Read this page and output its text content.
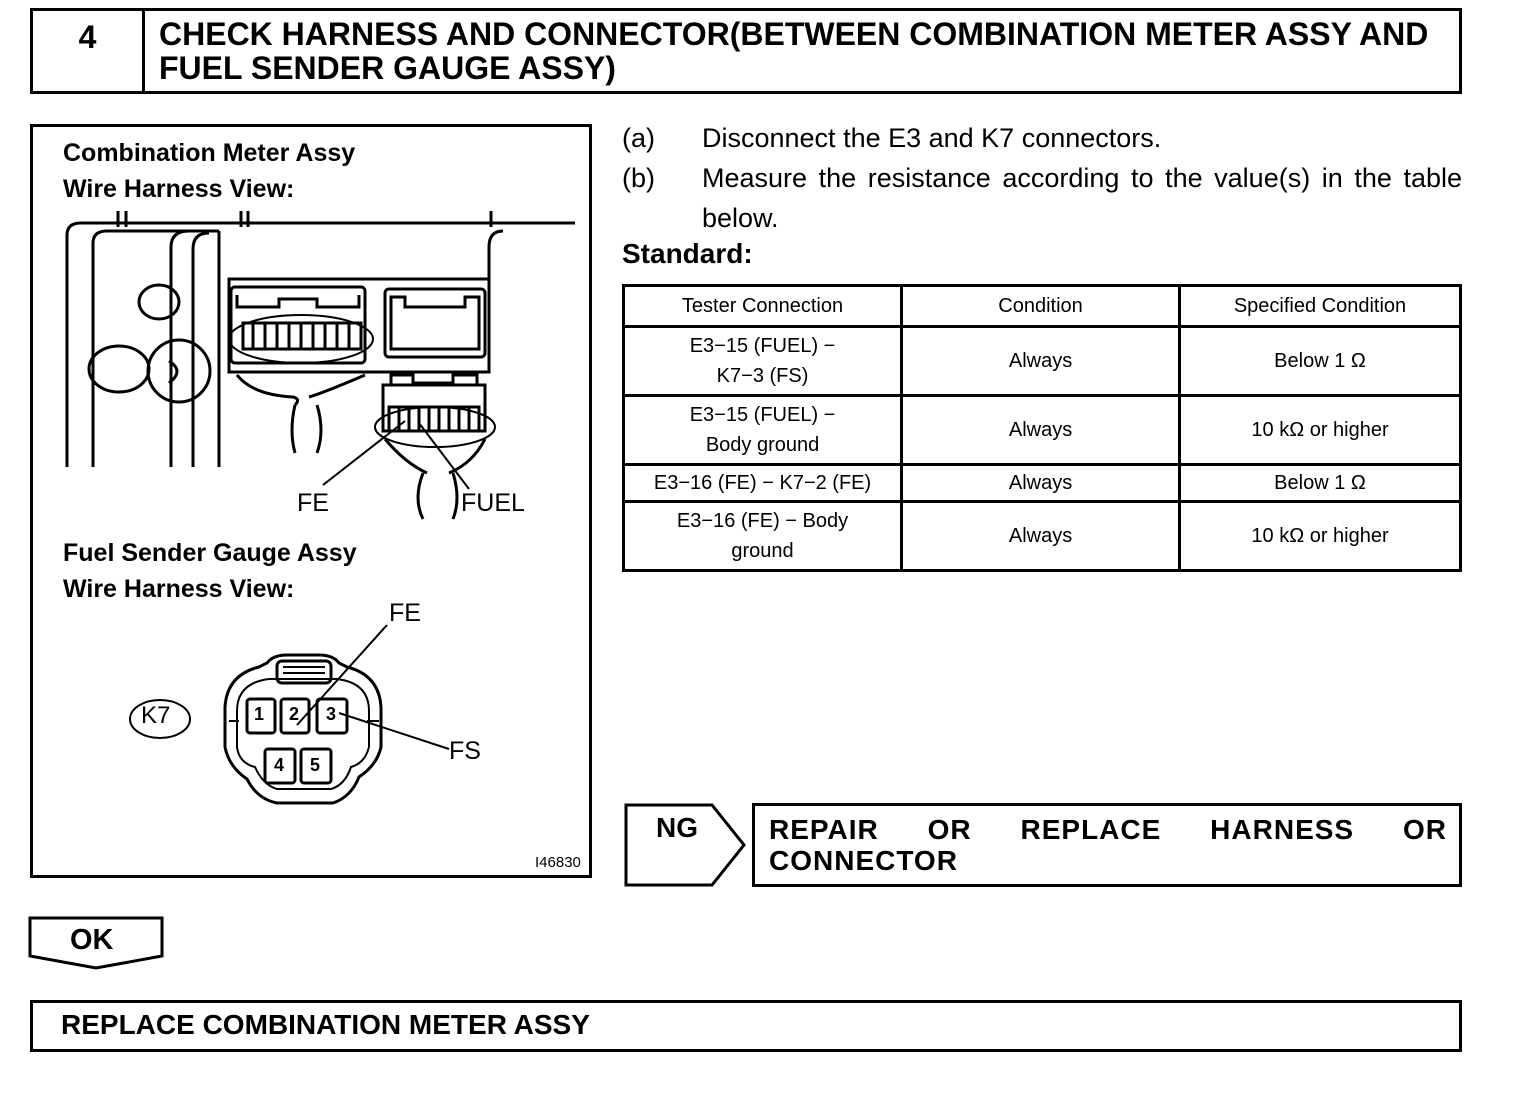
4	CHECK HARNESS AND CONNECTOR(BETWEEN COMBINATION METER ASSY AND FUEL SENDER GAUGE ASSY)
Combination Meter Assy
Wire Harness View:
FE	FUEL
Fuel Sender Gauge Assy
Wire Harness View:
FE
FS
K7	1 2 3
4 5
I46830
(a) Disconnect the E3 and K7 connectors.
(b) Measure the resistance according to the value(s) in the table below.
Standard:
Tester Connection	Condition	Specified Condition

E3−15 (FUEL) −
K7−3 (FS)	Always	Below 1 Ω

E3−15 (FUEL) −
Body ground	Always	10 kΩ or higher
E3−16 (FE) − K7−2 (FE)	Always	Below 1 Ω

E3−16 (FE) − Body
ground	Always	10 kΩ or higher
NG	REPAIR OR REPLACE HARNESS OR CONNECTOR
OK
REPLACE COMBINATION METER ASSY
